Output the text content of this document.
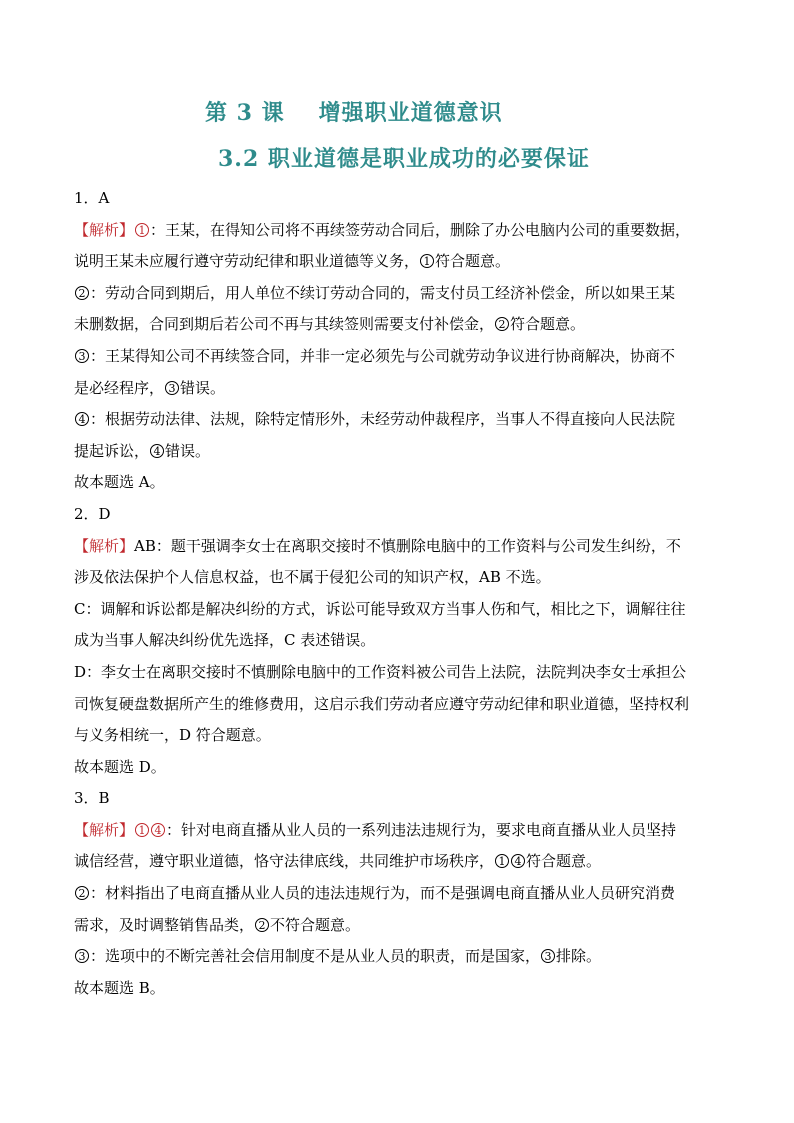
第 3 课 增强职业道德意识
3.2 职业道德是职业成功的必要保证
1．A
【解析】 1 ：王某，在得知公司将不再续签劳动合同后，删除了办公电脑内公司的重要数据，
说明王某未应履行遵守劳动纪律和职业道德等义务， 1 符合题意。
2 ：劳动合同到期后，用人单位不续订劳动合同的，需支付员工经济补偿金，所以如果王某
未删数据，合同到期后若公司不再与其续签则需要支付补偿金， 2 符合题意。
3 ：王某得知公司不再续签合同，并非一定必须先与公司就劳动争议进行协商解决，协商不
是必经程序， 3 错误。
4 ：根据劳动法律、法规，除特定情形外，未经劳动仲裁程序，当事人不得直接向人民法院
提起诉讼， 4 错误。
故本题选 A。
2．D
【解析】AB：题干强调李女士在离职交接时不慎删除电脑中的工作资料与公司发生纠纷，不
涉及依法保护个人信息权益，也不属于侵犯公司的知识产权，AB 不选。
C：调解和诉讼都是解决纠纷的方式，诉讼可能导致双方当事人伤和气，相比之下，调解往往
成为当事人解决纠纷优先选择，C 表述错误。
D：李女士在离职交接时不慎删除电脑中的工作资料被公司告上法院，法院判决李女士承担公
司恢复硬盘数据所产生的维修费用，这启示我们劳动者应遵守劳动纪律和职业道德，坚持权利
与义务相统一，D 符合题意。
故本题选 D。
3．B
【解析】 1 4 ：针对电商直播从业人员的一系列违法违规行为，要求电商直播从业人员坚持
诚信经营，遵守职业道德，恪守法律底线，共同维护市场秩序， 1 4 符合题意。
2 ：材料指出了电商直播从业人员的违法违规行为，而不是强调电商直播从业人员研究消费
需求，及时调整销售品类， 2 不符合题意。
3 ：选项中的不断完善社会信用制度不是从业人员的职责，而是国家， 3 排除。
故本题选 B。
